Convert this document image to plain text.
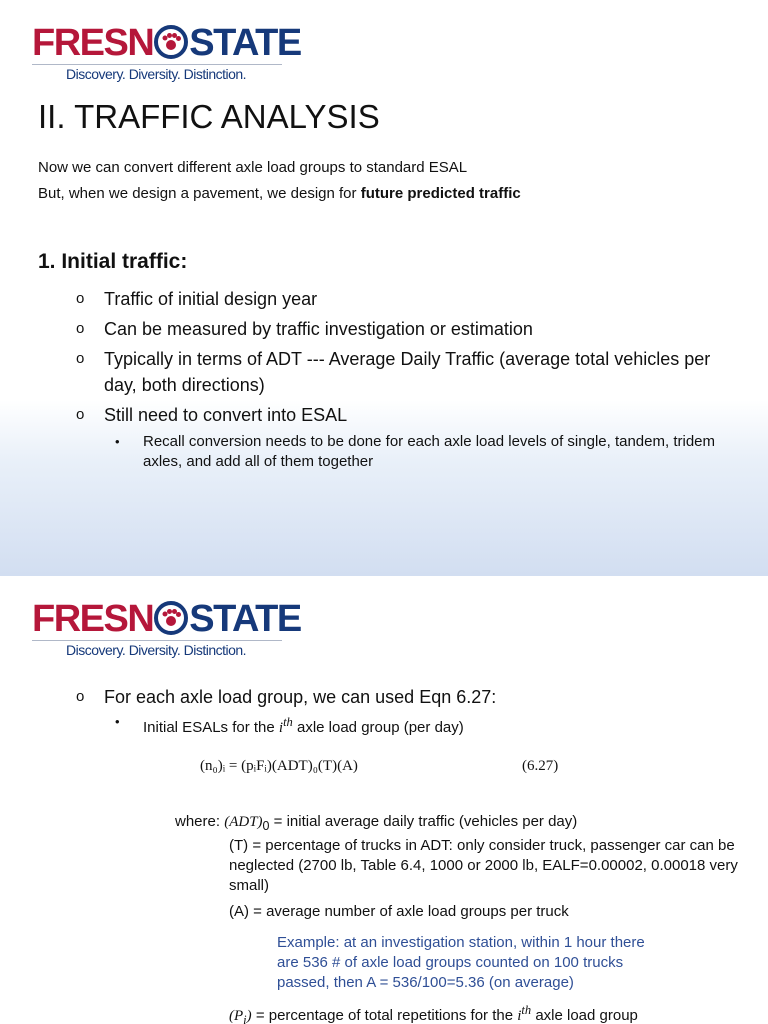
FRESN STATE
Discovery. Diversity. Distinction.
II. TRAFFIC ANALYSIS
Now we can convert different axle load groups to standard ESAL
But, when we design a pavement, we design for future predicted traffic
1. Initial traffic:
o Traffic of initial design year
o Can be measured by traffic investigation or estimation
o Typically in terms of ADT --- Average Daily Traffic (average total vehicles per day, both directions)
o Still need to convert into ESAL
• Recall conversion needs to be done for each axle load levels of single, tandem, tridem axles, and add all of them together
FRESN STATE
Discovery. Diversity. Distinction.
o For each axle load group, we can used Eqn 6.27:
• Initial ESALs for the $i^{th}$ axle load group (per day)
(n₀)ᵢ = (pᵢFᵢ)(ADT)₀(T)(A)	(6.27)
where: $(ADT)_0$ = initial average daily traffic (vehicles per day)
(T) = percentage of trucks in ADT: only consider truck, passenger car can be neglected (2700 lb, Table 6.4, 1000 or 2000 lb, EALF=0.00002, 0.00018 very small)
(A) = average number of axle load groups per truck
Example: at an investigation station, within 1 hour there are 536 # of axle load groups counted on 100 trucks passed, then A = 536/100=5.36 (on average)
$(P_i)$ = percentage of total repetitions for the $i^{th}$ axle load group
